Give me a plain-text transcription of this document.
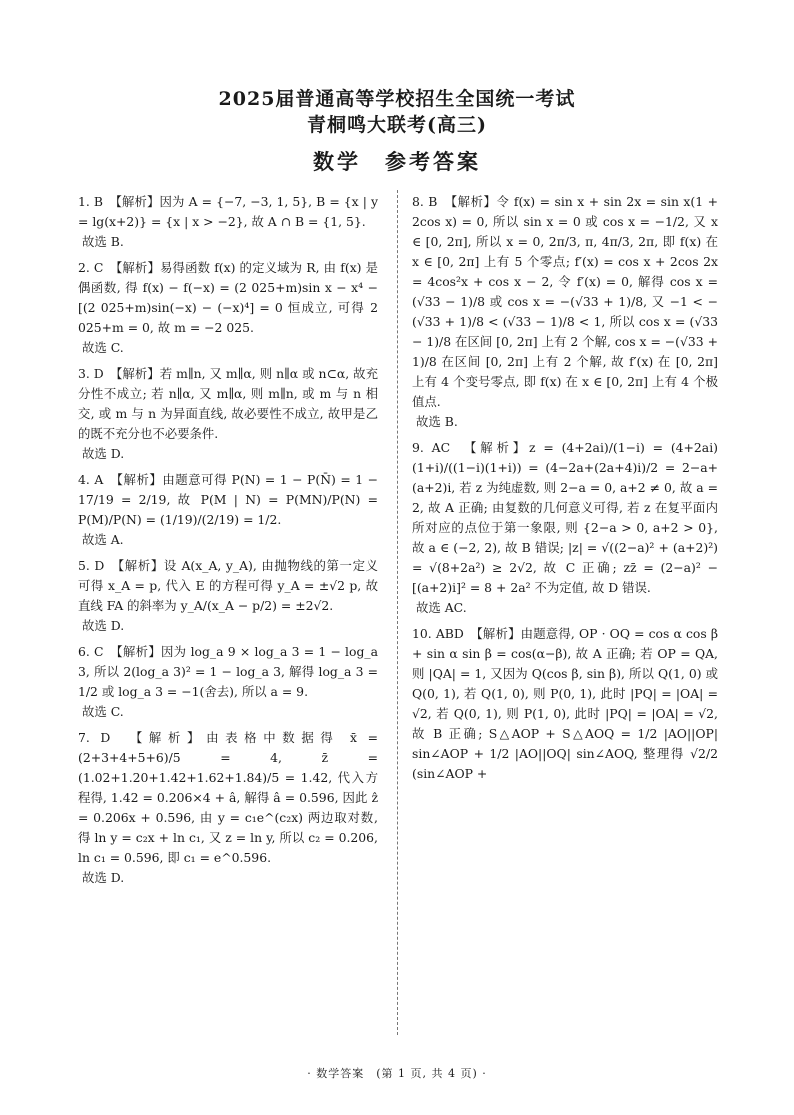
2025届普通高等学校招生全国统一考试
青桐鸣大联考(高三)
数学　参考答案

1. B　【解析】因为 A = {−7, −3, 1, 5}, B = {x | y = lg(x+2)} = {x | x > −2}, 故 A ∩ B = {1, 5}.

故选 B.

2. C　【解析】易得函数 f(x) 的定义域为 R, 由 f(x) 是偶函数, 得 f(x) − f(−x) = (2 025+m)sin x − x⁴ − [(2 025+m)sin(−x) − (−x)⁴] = 0 恒成立, 可得 2 025+m = 0, 故 m = −2 025.

故选 C.

3. D　【解析】若 m∥n, 又 m∥α, 则 n∥α 或 n⊂α, 故充分性不成立; 若 n∥α, 又 m∥α, 则 m∥n, 或 m 与 n 相交, 或 m 与 n 为异面直线, 故必要性不成立, 故甲是乙的既不充分也不必要条件.

故选 D.

4. A　【解析】由题意可得 P(N) = 1 − P(N̄) = 1 − 17/19 = 2/19, 故 P(M | N) = P(MN)/P(N) = P(M)/P(N) = (1/19)/(2/19) = 1/2.

故选 A.

5. D　【解析】设 A(x_A, y_A), 由抛物线的第一定义可得 x_A = p, 代入 E 的方程可得 y_A = ±√2 p, 故直线 FA 的斜率为 y_A/(x_A − p/2) = ±2√2.

故选 D.

6. C　【解析】因为 log_a 9 × log_a 3 = 1 − log_a 3, 所以 2(log_a 3)² = 1 − log_a 3, 解得 log_a 3 = 1/2 或 log_a 3 = −1(舍去), 所以 a = 9.

故选 C.

7. D　【解析】由表格中数据得 x̄ = (2+3+4+5+6)/5 = 4, z̄ = (1.02+1.20+1.42+1.62+1.84)/5 = 1.42, 代入方程得, 1.42 = 0.206×4 + â, 解得 â = 0.596, 因此 ẑ = 0.206x + 0.596, 由 y = c₁e^(c₂x) 两边取对数, 得 ln y = c₂x + ln c₁, 又 z = ln y, 所以 c₂ = 0.206, ln c₁ = 0.596, 即 c₁ = e^0.596.

故选 D.

8. B　【解析】令 f(x) = sin x + sin 2x = sin x(1 + 2cos x) = 0, 所以 sin x = 0 或 cos x = −1/2, 又 x ∈ [0, 2π], 所以 x = 0, 2π/3, π, 4π/3, 2π, 即 f(x) 在 x ∈ [0, 2π] 上有 5 个零点; f′(x) = cos x + 2cos 2x = 4cos²x + cos x − 2, 令 f′(x) = 0, 解得 cos x = (√33 − 1)/8 或 cos x = −(√33 + 1)/8, 又 −1 < −(√33 + 1)/8 < (√33 − 1)/8 < 1, 所以 cos x = (√33 − 1)/8 在区间 [0, 2π] 上有 2 个解, cos x = −(√33 + 1)/8 在区间 [0, 2π] 上有 2 个解, 故 f′(x) 在 [0, 2π] 上有 4 个变号零点, 即 f(x) 在 x ∈ [0, 2π] 上有 4 个极值点.

故选 B.

9. AC　【解析】z = (4+2ai)/(1−i) = (4+2ai)(1+i)/((1−i)(1+i)) = (4−2a+(2a+4)i)/2 = 2−a+(a+2)i, 若 z 为纯虚数, 则 2−a = 0, a+2 ≠ 0, 故 a = 2, 故 A 正确; 由复数的几何意义可得, 若 z 在复平面内所对应的点位于第一象限, 则 {2−a > 0, a+2 > 0}, 故 a ∈ (−2, 2), 故 B 错误; |z| = √((2−a)² + (a+2)²) = √(8+2a²) ≥ 2√2, 故 C 正确; zz̄ = (2−a)² − [(a+2)i]² = 8 + 2a² 不为定值, 故 D 错误.

故选 AC.

10. ABD　【解析】由题意得, OP · OQ = cos α cos β + sin α sin β = cos(α−β), 故 A 正确; 若 OP = QA, 则 |QA| = 1, 又因为 Q(cos β, sin β), 所以 Q(1, 0) 或 Q(0, 1), 若 Q(1, 0), 则 P(0, 1), 此时 |PQ| = |OA| = √2, 若 Q(0, 1), 则 P(1, 0), 此时 |PQ| = |OA| = √2, 故 B 正确; S△AOP + S△AOQ = 1/2 |AO||OP| sin∠AOP + 1/2 |AO||OQ| sin∠AOQ, 整理得 √2/2 (sin∠AOP +

· 数学答案　(第 1 页, 共 4 页) ·
